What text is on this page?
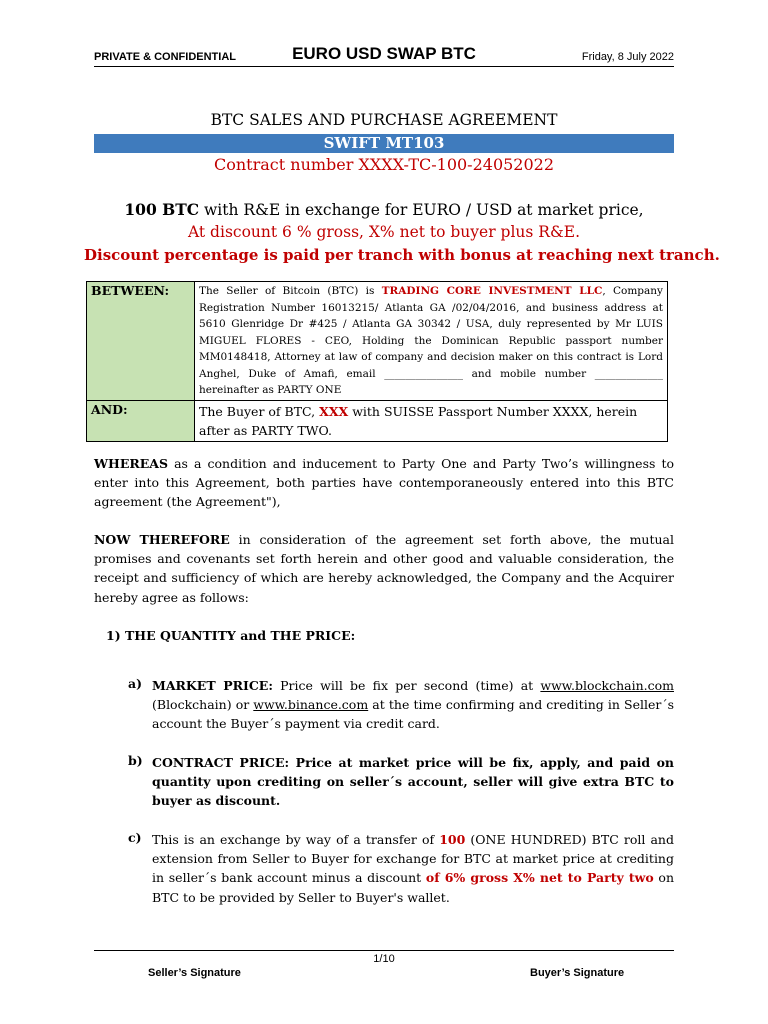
PRIVATE & CONFIDENTIAL	EURO USD SWAP BTC	Friday, 8 July 2022
BTC SALES AND PURCHASE AGREEMENT
SWIFT MT103
Contract number XXXX-TC-100-24052022
100 BTC with R&E in exchange for EURO / USD at market price,
At discount 6 % gross, X% net to buyer plus R&E.
Discount percentage is paid per tranch with bonus at reaching next tranch.
BETWEEN:	The Seller of Bitcoin (BTC) is TRADING CORE INVESTMENT LLC, Company Registration Number 16013215/ Atlanta GA /02/04/2016, and business address at 5610 Glenridge Dr #425 / Atlanta GA 30342 / USA, duly represented by Mr LUIS MIGUEL FLORES - CEO, Holding the Dominican Republic passport number MM0148418, Attorney at law of company and decision maker on this contract is Lord Anghel, Duke of Amafi, email _______________ and mobile number _____________ hereinafter as PARTY ONE
AND:	The Buyer of BTC, XXX with SUISSE Passport Number XXXX, herein after as PARTY TWO.
WHEREAS as a condition and inducement to Party One and Party Two’s willingness to enter into this Agreement, both parties have contemporaneously entered into this BTC agreement (the Agreement"),
NOW THEREFORE in consideration of the agreement set forth above, the mutual promises and covenants set forth herein and other good and valuable consideration, the receipt and sufficiency of which are hereby acknowledged, the Company and the Acquirer hereby agree as follows:
1) THE QUANTITY and THE PRICE:
a) MARKET PRICE: Price will be fix per second (time) at www.blockchain.com (Blockchain) or www.binance.com at the time confirming and crediting in Seller´s account the Buyer´s payment via credit card.
b) CONTRACT PRICE: Price at market price will be fix, apply, and paid on quantity upon crediting on seller´s account, seller will give extra BTC to buyer as discount.
c) This is an exchange by way of a transfer of 100 (ONE HUNDRED) BTC roll and extension from Seller to Buyer for exchange for BTC at market price at crediting in seller´s bank account minus a discount of 6% gross X% net to Party two on BTC to be provided by Seller to Buyer's wallet.
1/10
Seller’s Signature	Buyer’s Signature
